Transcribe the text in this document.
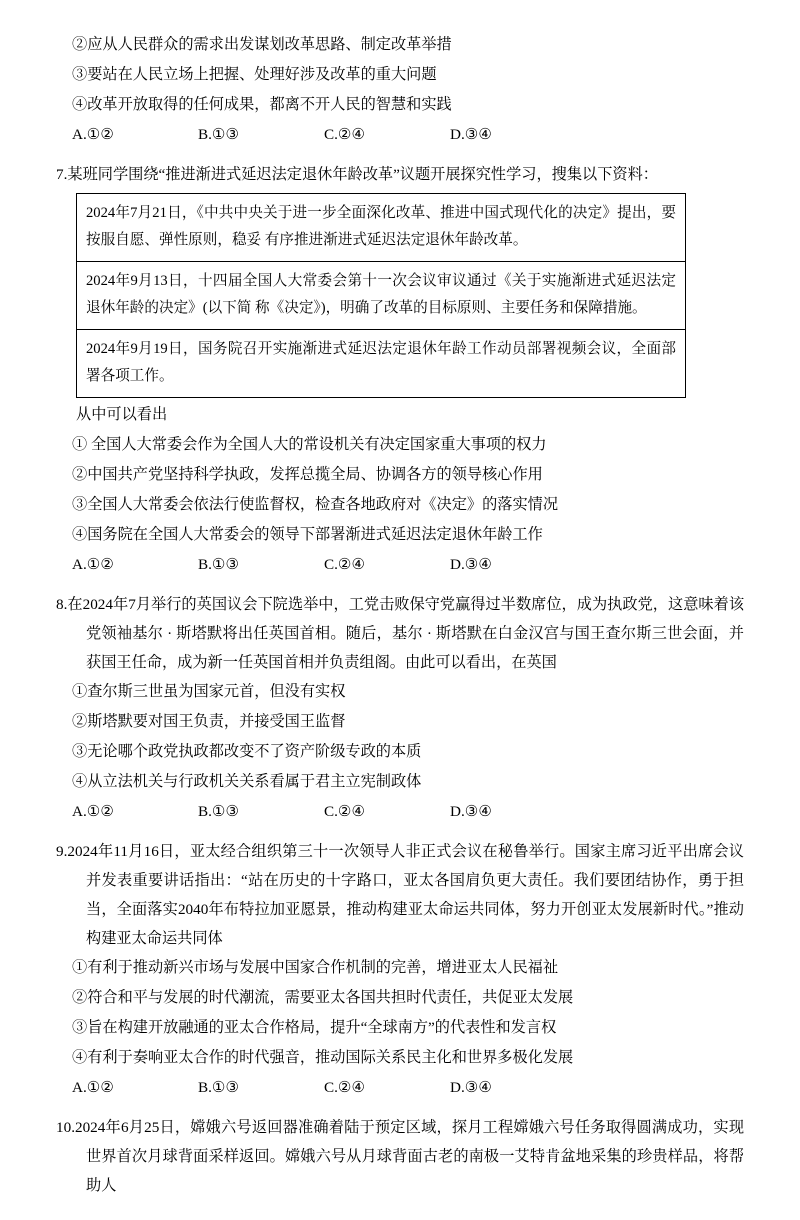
②应从人民群众的需求出发谋划改革思路、制定改革举措
③要站在人民立场上把握、处理好涉及改革的重大问题
④改革开放取得的任何成果，都离不开人民的智慧和实践
A.①②	B.①③	C.②④	D.③④
7.某班同学围绕“推进渐进式延迟法定退休年龄改革”议题开展探究性学习，搜集以下资料：
2024年7月21日，《中共中央关于进一步全面深化改革、推进中国式现代化的决定》提出，要按服自愿、弹性原则，稳妥 有序推进渐进式延迟法定退休年龄改革。
2024年9月13日，十四届全国人大常委会第十一次会议审议通过《关于实施渐进式延迟法定退休年龄的决定》(以下简 称《决定》)，明确了改革的目标原则、主要任务和保障措施。
2024年9月19日，国务院召开实施渐进式延迟法定退休年龄工作动员部署视频会议，全面部署各项工作。
从中可以看出
① 全国人大常委会作为全国人大的常设机关有决定国家重大事项的权力
②中国共产党坚持科学执政，发挥总揽全局、协调各方的领导核心作用
③全国人大常委会依法行使监督权，检查各地政府对《决定》的落实情况
④国务院在全国人大常委会的领导下部署渐进式延迟法定退休年龄工作
A.①②	B.①③	C.②④	D.③④
8.在2024年7月举行的英国议会下院选举中，工党击败保守党赢得过半数席位，成为执政党，这意味着该党领袖基尔 · 斯塔默将出任英国首相。随后，基尔 · 斯塔默在白金汉宫与国王查尔斯三世会面，并获国王任命，成为新一任英国首相并负责组阁。由此可以看出，在英国
①查尔斯三世虽为国家元首，但没有实权
②斯塔默要对国王负责，并接受国王监督
③无论哪个政党执政都改变不了资产阶级专政的本质
④从立法机关与行政机关关系看属于君主立宪制政体
A.①②	B.①③	C.②④	D.③④
9.2024年11月16日，亚太经合组织第三十一次领导人非正式会议在秘鲁举行。国家主席习近平出席会议并发表重要讲话指出：“站在历史的十字路口，亚太各国肩负更大责任。我们要团结协作，勇于担当，全面落实2040年布特拉加亚愿景，推动构建亚太命运共同体，努力开创亚太发展新时代。”推动构建亚太命运共同体
①有利于推动新兴市场与发展中国家合作机制的完善，增进亚太人民福祉
②符合和平与发展的时代潮流，需要亚太各国共担时代责任，共促亚太发展
③旨在构建开放融通的亚太合作格局，提升“全球南方”的代表性和发言权
④有利于奏响亚太合作的时代强音，推动国际关系民主化和世界多极化发展
A.①②	B.①③	C.②④	D.③④
10.2024年6月25日，嫦娥六号返回器准确着陆于预定区域，探月工程嫦娥六号任务取得圆满成功，实现世界首次月球背面采样返回。嫦娥六号从月球背面古老的南极一艾特肯盆地采集的珍贵样品，将帮助人
